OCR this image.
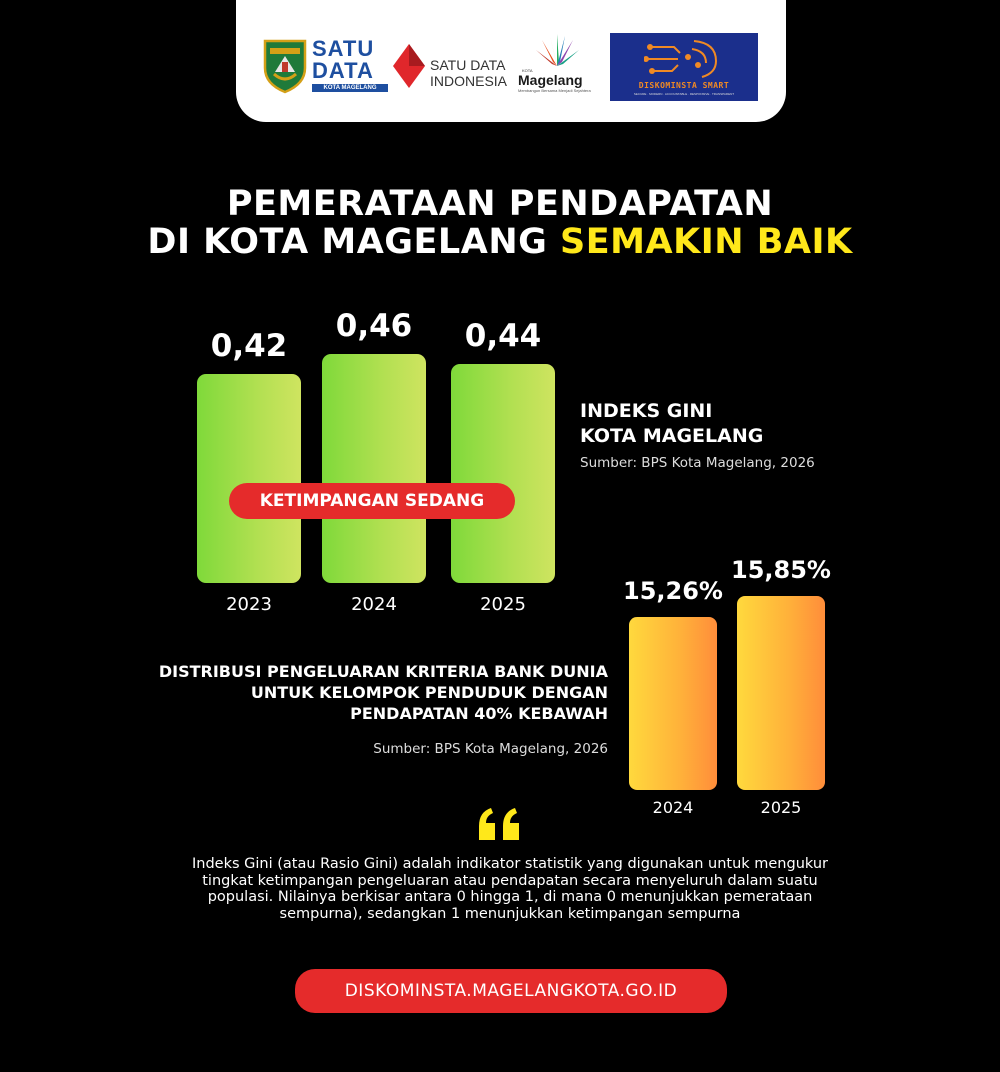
SATU
DATA
KOTA MAGELANG
SATU DATA
INDONESIA
KOTA
Magelang
Membangun Bersama Menjadi Sejahtera
DISKOMINSTA SMART
SECURE · MODERN · ACCOUNTABLE · RESPONSIVE · TRANSPARENT
PEMERATAAN PENDAPATAN
DI KOTA MAGELANG SEMAKIN BAIK
0,42
2023
0,46
2024
0,44
2025
KETIMPANGAN SEDANG
INDEKS GINI
KOTA MAGELANG
Sumber: BPS Kota Magelang, 2026
15,26%
2024
15,85%
2025
DISTRIBUSI PENGELUARAN KRITERIA BANK DUNIA
UNTUK KELOMPOK PENDUDUK DENGAN
PENDAPATAN 40% KEBAWAH
Sumber: BPS Kota Magelang, 2026
Indeks Gini (atau Rasio Gini) adalah indikator statistik yang digunakan untuk mengukur
tingkat ketimpangan pengeluaran atau pendapatan secara menyeluruh dalam suatu
populasi. Nilainya berkisar antara 0 hingga 1, di mana 0 menunjukkan pemerataan
sempurna), sedangkan 1 menunjukkan ketimpangan sempurna
DISKOMINSTA.MAGELANGKOTA.GO.ID
